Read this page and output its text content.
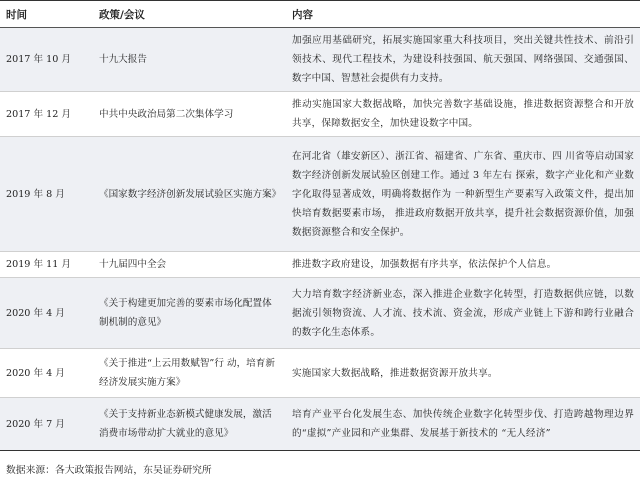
时间	政策/会议	内容
2017 年 10 月	十九大报告	加强应用基础研究，拓展实施国家重大科技项目，突出关键共性技术、前沿引领技术、现代工程技术，为建设科技强国、航天强国、网络强国、交通强国、数字中国、智慧社会提供有力支持。
2017 年 12 月	中共中央政治局第二次集体学习	推动实施国家大数据战略，加快完善数字基础设施，推进数据资源整合和开放共享，保障数据安全，加快建设数字中国。
2019 年 8 月	《国家数字经济创新发展试验区实施方案》	在河北省（雄安新区）、浙江省、福建省、广东省、重庆市、四 川省等启动国家数字经济创新发展试验区创建工作。通过 3 年左右 探索，数字产业化和产业数字化取得显著成效，明确将数据作为 一种新型生产要素写入政策文件，提出加快培育数据要素市场， 推进政府数据开放共享，提升社会数据资源价值，加强数据资源整合和安全保护。
2019 年 11 月	十九届四中全会	推进数字政府建设，加强数据有序共享，依法保护个人信息。
2020 年 4 月	《关于构建更加完善的要素市场化配置体制机制的意见》	大力培育数字经济新业态，深入推进企业数字化转型，打造数据供应链，以数据流引领物资流、人才流、技术流、资金流，形成产业链上下游和跨行业融合的数字化生态体系。
2020 年 4 月	《关于推进“上云用数赋智”行 动，培育新经济发展实施方案》	实施国家大数据战略，推进数据资源开放共享。
2020 年 7 月	《关于支持新业态新模式健康发展，激活消费市场带动扩大就业的意见》	培育产业平台化发展生态、加快传统企业数字化转型步伐、打造跨越物理边界的“虚拟”产业园和产业集群、发展基于新技术的 “无人经济”
数据来源：各大政策报告网站，东吴证券研究所
